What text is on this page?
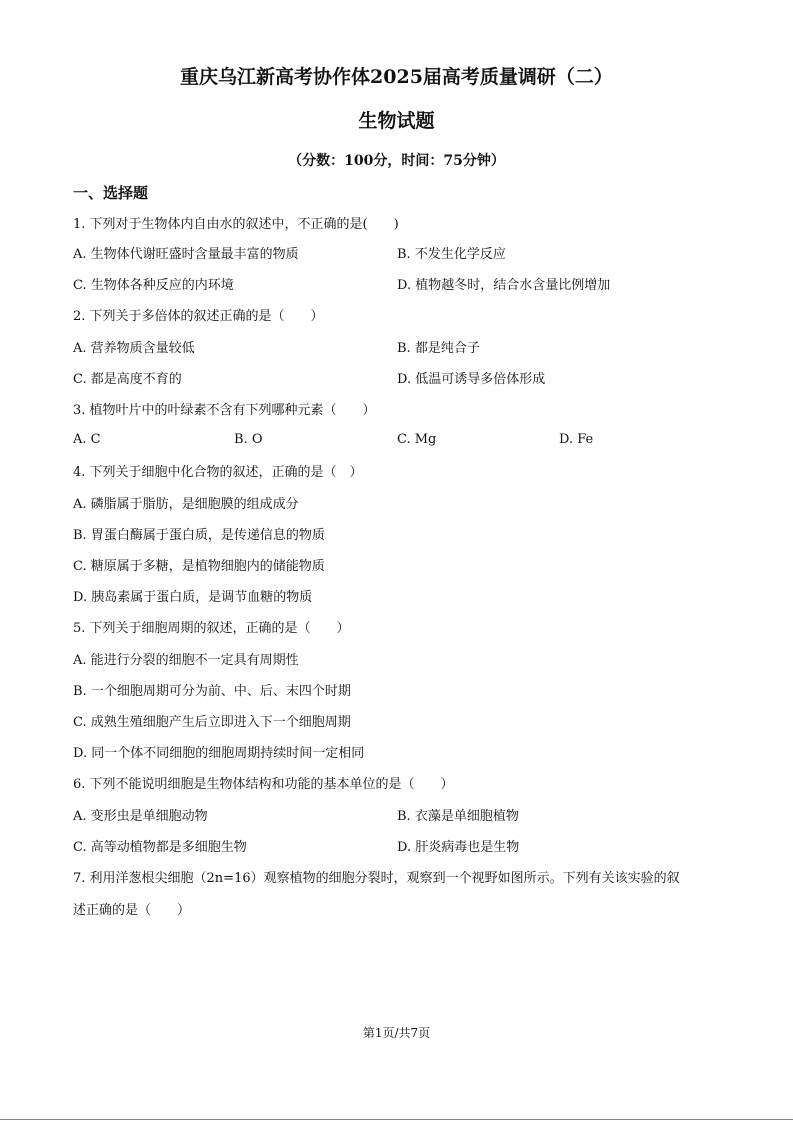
重庆乌江新高考协作体2025届高考质量调研（二）
生物试题
（分数：100分，时间：75分钟）
一、选择题
1. 下列对于生物体内自由水的叙述中，不正确的是(　　)
A. 生物体代谢旺盛时含量最丰富的物质	B. 不发生化学反应
C. 生物体各种反应的内环境	D. 植物越冬时，结合水含量比例增加
2. 下列关于多倍体的叙述正确的是（　　）
A. 营养物质含量较低	B. 都是纯合子
C. 都是高度不育的	D. 低温可诱导多倍体形成
3. 植物叶片中的叶绿素不含有下列哪种元素（　　）
A. C	B. O	C. Mg	D. Fe
4. 下列关于细胞中化合物的叙述，正确的是（　）
A. 磷脂属于脂肪，是细胞膜的组成成分
B. 胃蛋白酶属于蛋白质，是传递信息的物质
C. 糖原属于多糖，是植物细胞内的储能物质
D. 胰岛素属于蛋白质，是调节血糖的物质
5. 下列关于细胞周期的叙述，正确的是（　　）
A. 能进行分裂的细胞不一定具有周期性
B. 一个细胞周期可分为前、中、后、末四个时期
C. 成熟生殖细胞产生后立即进入下一个细胞周期
D. 同一个体不同细胞的细胞周期持续时间一定相同
6. 下列不能说明细胞是生物体结构和功能的基本单位的是（　　）
A. 变形虫是单细胞动物	B. 衣藻是单细胞植物
C. 高等动植物都是多细胞生物	D. 肝炎病毒也是生物
7. 利用洋葱根尖细胞（2n=16）观察植物的细胞分裂时，观察到一个视野如图所示。下列有关该实验的叙
述正确的是（　　）
第1页/共7页
